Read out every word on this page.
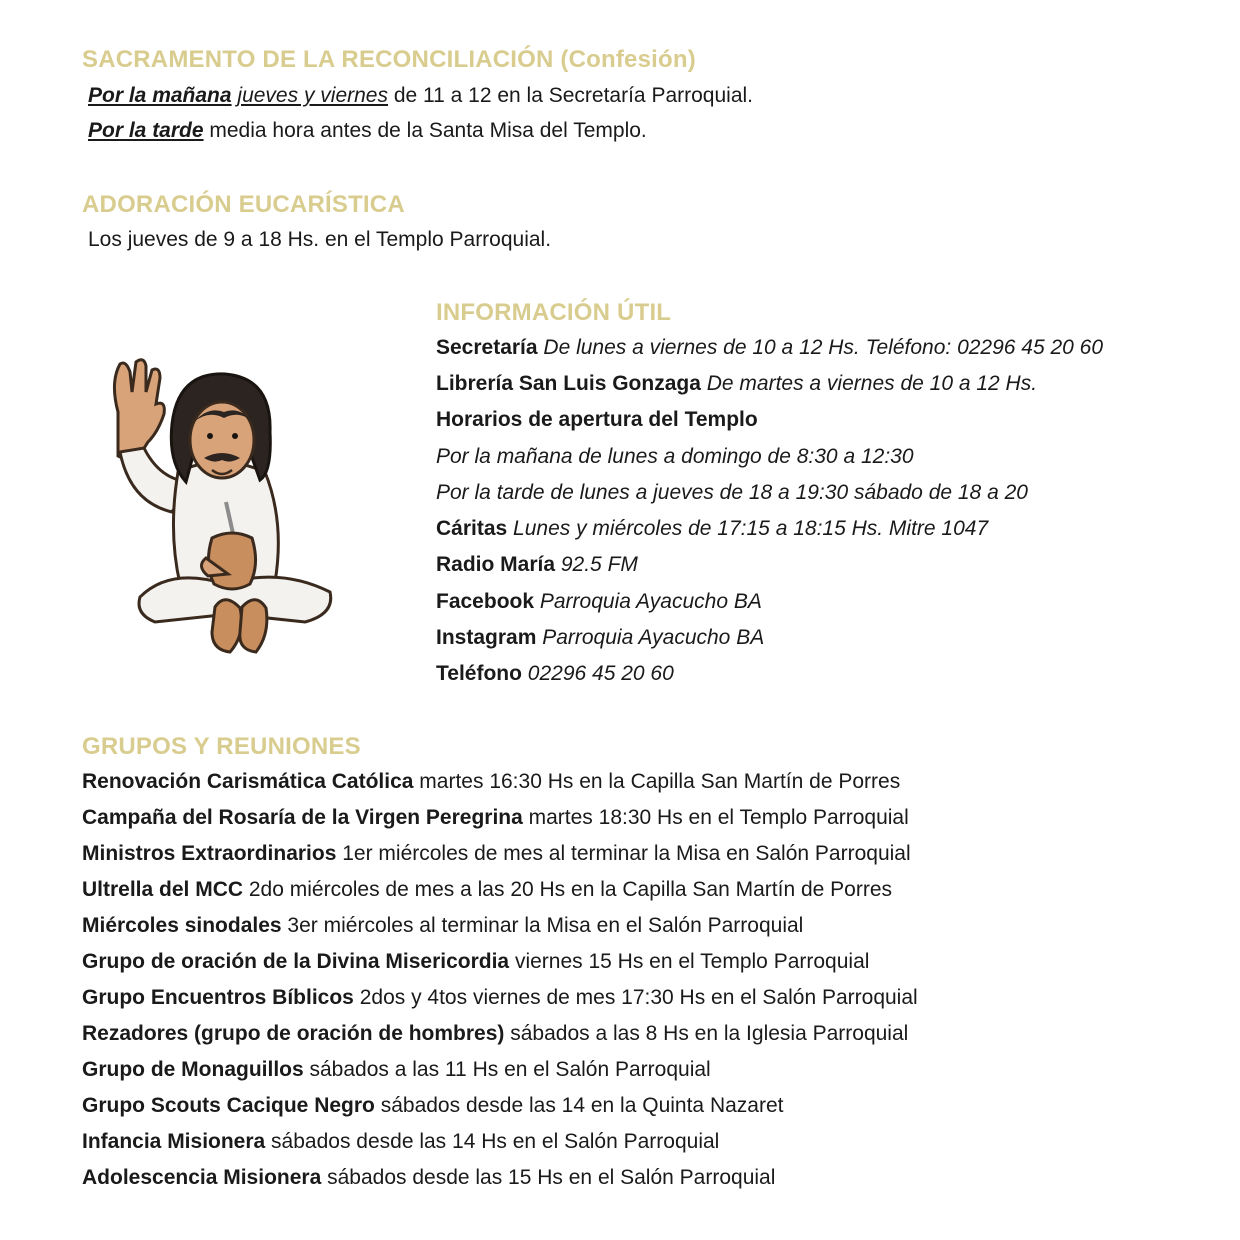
SACRAMENTO DE LA RECONCILIACIÓN (Confesión)

Por la mañana jueves y viernes de 11 a 12 en la Secretaría Parroquial.

Por la tarde media hora antes de la Santa Misa del Templo.

ADORACIÓN EUCARÍSTICA

Los jueves de 9 a 18 Hs. en el Templo Parroquial.

INFORMACIÓN ÚTIL

Secretaría De lunes a viernes de 10 a 12 Hs. Teléfono: 02296 45 20 60

Librería San Luis Gonzaga De martes a viernes de 10 a 12 Hs.

Horarios de apertura del Templo

Por la mañana de lunes a domingo de 8:30 a 12:30

Por la tarde de lunes a jueves de 18 a 19:30 sábado de 18 a 20

Cáritas Lunes y miércoles de 17:15 a 18:15 Hs. Mitre 1047

Radio María 92.5 FM

Facebook Parroquia Ayacucho BA

Instagram Parroquia Ayacucho BA

Teléfono 02296 45 20 60

GRUPOS Y REUNIONES

Renovación Carismática Católica martes 16:30 Hs en la Capilla San Martín de Porres

Campaña del Rosaría de la Virgen Peregrina martes 18:30 Hs en el Templo Parroquial

Ministros Extraordinarios 1er miércoles de mes al terminar la Misa en Salón Parroquial

Ultrella del MCC 2do miércoles de mes a las 20 Hs en la Capilla San Martín de Porres

Miércoles sinodales 3er miércoles al terminar la Misa en el Salón Parroquial

Grupo de oración de la Divina Misericordia viernes 15 Hs en el Templo Parroquial

Grupo Encuentros Bíblicos 2dos y 4tos viernes de mes 17:30 Hs en el Salón Parroquial

Rezadores (grupo de oración de hombres) sábados a las 8 Hs en la Iglesia Parroquial

Grupo de Monaguillos sábados a las 11 Hs en el Salón Parroquial

Grupo Scouts Cacique Negro sábados desde las 14 en la Quinta Nazaret

Infancia Misionera sábados desde las 14 Hs en el Salón Parroquial

Adolescencia Misionera sábados desde las 15 Hs en el Salón Parroquial
